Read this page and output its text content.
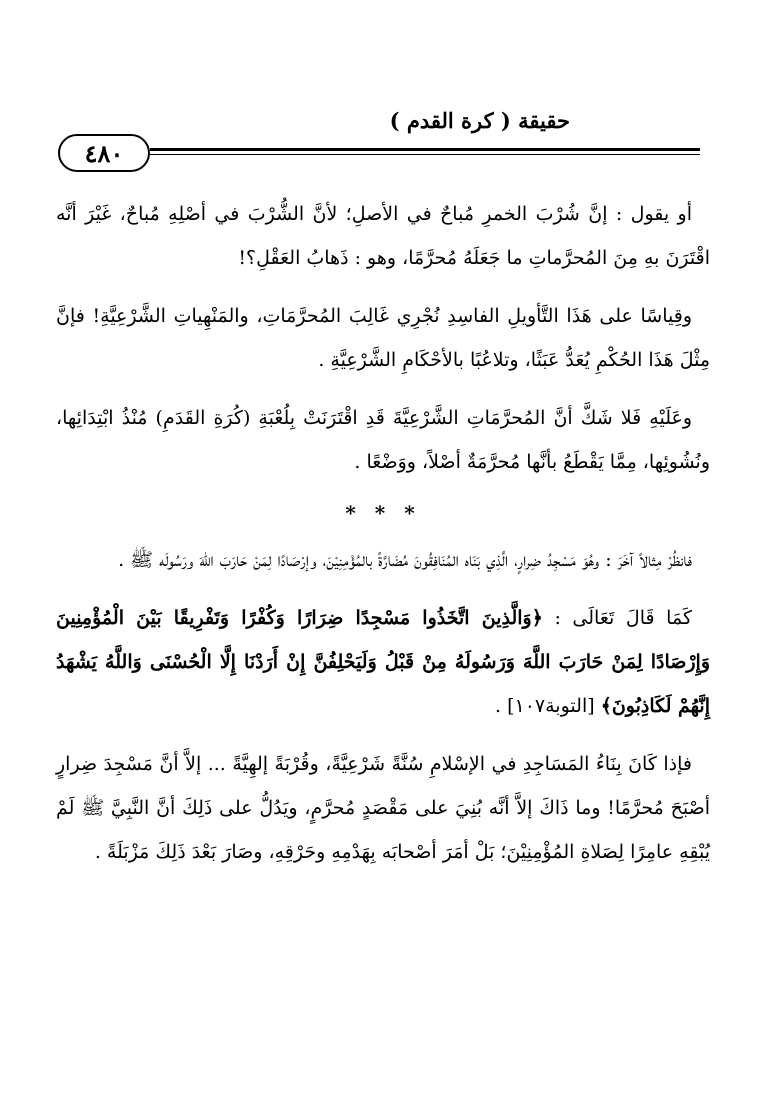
حقيقة ( كرة القدم )
٤٨٠

أو يقول : إنَّ شُرْبَ الخمرِ مُباحٌ في الأصلِ؛ لأنَّ الشُّرْبَ في أصْلِهِ مُباحٌ، غَيْرَ أنَّه اقْتَرَنَ بهِ مِنَ المُحرَّماتِ ما جَعَلَهُ مُحرَّمًا، وهو : ذَهابُ العَقْلِ؟!

وقِياسًا على هَذَا التَّأويلِ الفاسِدِ نُجْرِي غَالِبَ المُحرَّمَاتِ، والمَنْهِياتِ الشَّرْعِيَّةِ! فإنَّ مِثْلَ هَذَا الحُكْمِ يُعَدُّ عَبَثًا، وتلاعُبًا بالأحْكَامِ الشَّرْعِيَّةِ .

وعَلَيْهِ فَلا شَكَّ أنَّ المُحرَّمَاتِ الشَّرْعِيَّةَ قَدِ اقْتَرَنَتْ بِلُعْبَةِ (كُرَةِ القَدَمِ) مُنْذُ ابْتِدَائِها، ونُشُوئِها، مِمَّا يَقْطَعُ بأنَّها مُحرَّمَةٌ أصْلاً، ووَضْعًا .

* * *

فانظُرْ مِثالاً آخَرَ : وهُوَ مَسْجِدُ ضِرارٍ، الَّذِي بَنَاه المُنَافِقُونَ مُضَارَّةً بالمُؤْمِنِيْنَ، وإرْصَادًا لِمَنْ حَارَبَ اللهَ ورَسُولَه ﷺ .

كَمَا قَالَ تَعَالَى : ﴿وَالَّذِينَ اتَّخَذُوا مَسْجِدًا ضِرَارًا وَكُفْرًا وَتَفْرِيقًا بَيْنَ الْمُؤْمِنِينَ وَإِرْصَادًا لِمَنْ حَارَبَ اللَّهَ وَرَسُولَهُ مِنْ قَبْلُ وَلَيَحْلِفُنَّ إِنْ أَرَدْنَا إِلَّا الْحُسْنَى وَاللَّهُ يَشْهَدُ إِنَّهُمْ لَكَاذِبُونَ﴾ [التوبة١٠٧] .

فإذا كَانَ بِنَاءُ المَسَاجِدِ في الإسْلامِ سُنَّةً شَرْعِيَّةً، وقُرْبَةً إلهِيَّةً ... إلاَّ أنَّ مَسْجِدَ ضِرارٍ أصْبَحَ مُحرَّمًا! وما ذَاكَ إلاَّ أنَّه بُنِيَ على مَقْصَدٍ مُحرَّمٍ، ويَدُلُّ على ذَلِكَ أنَّ النَّبِيَّ ﷺ لَمْ يُبْقِهِ عامِرًا لِصَلاةِ المُؤْمِنِيْنَ؛ بَلْ أمَرَ أصْحابَه بِهَدْمِهِ وحَرْقِهِ، وصَارَ بَعْدَ ذَلِكَ مَزْبَلَةً .
